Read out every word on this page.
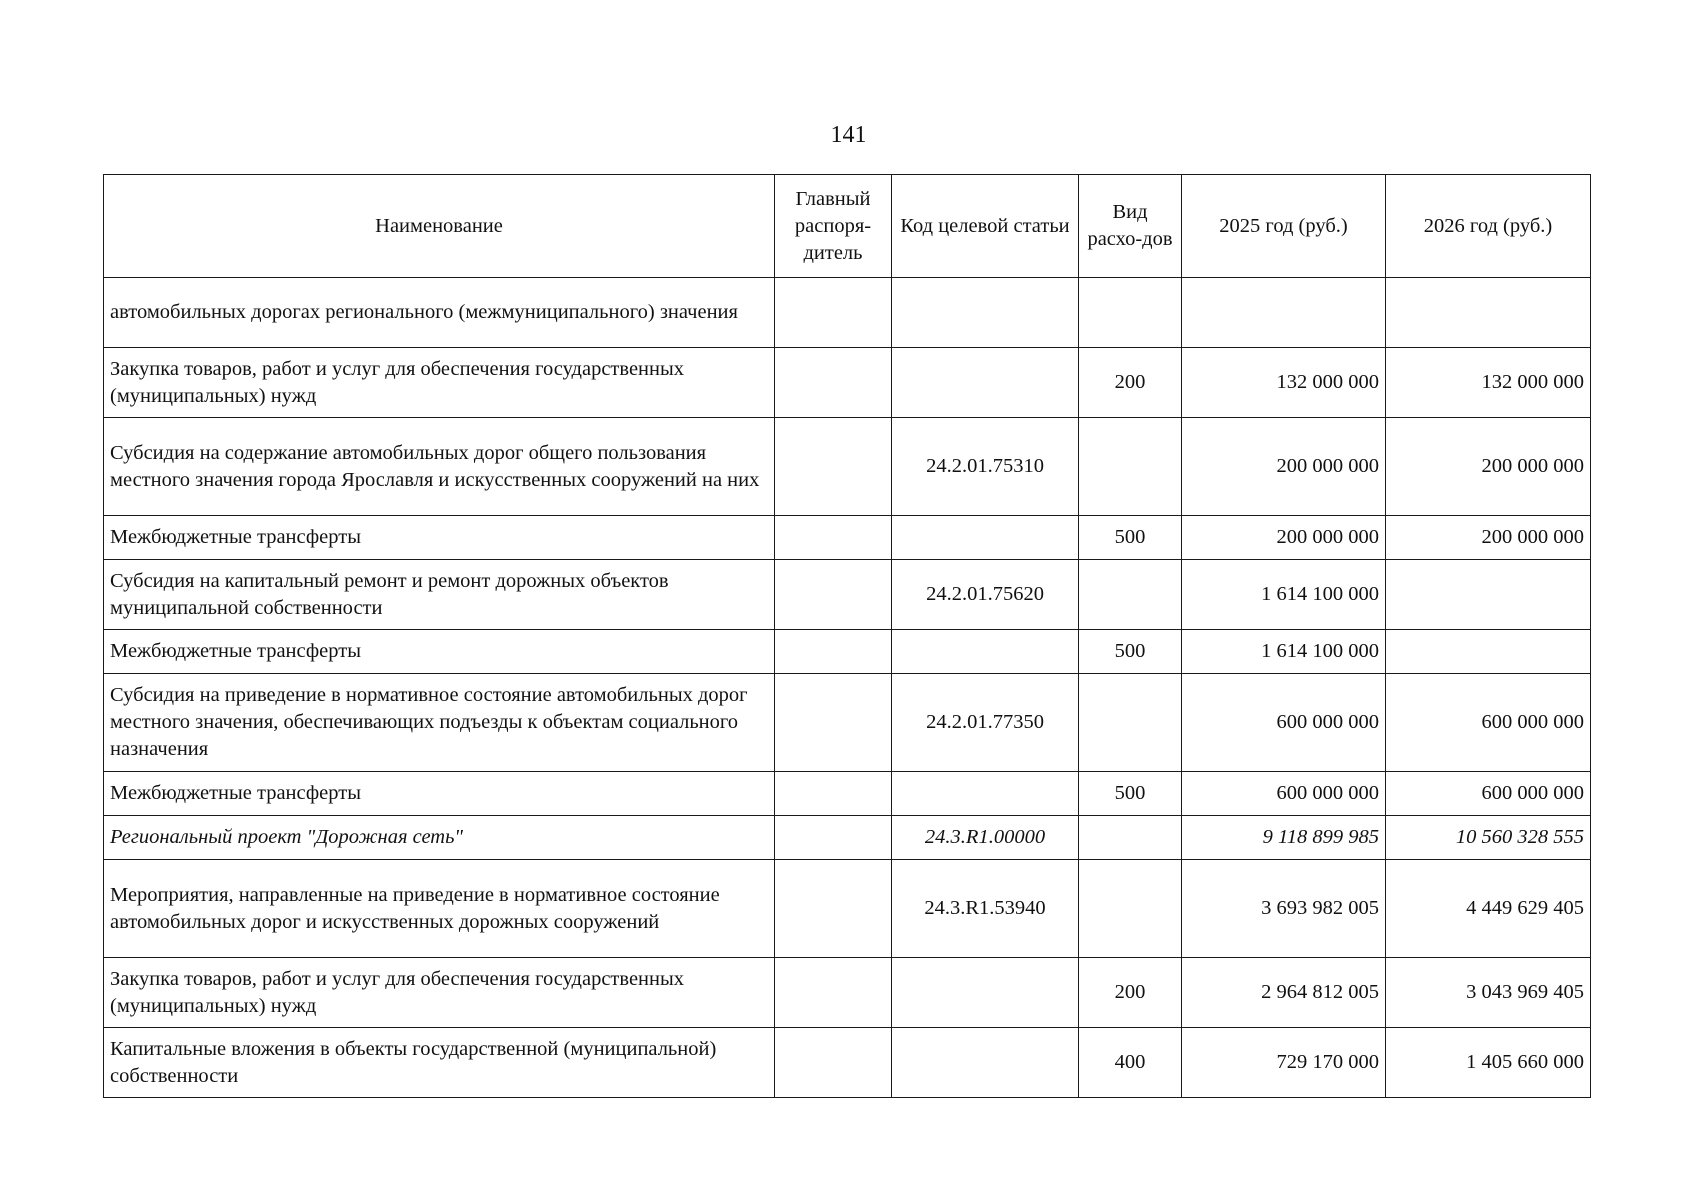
141
Наименование	Главный распоря-дитель	Код целевой статьи	Вид расхо-дов	2025 год (руб.)	2026 год (руб.)
автомобильных дорогах регионального (межмуниципального) значения					
Закупка товаров, работ и услуг для обеспечения государственных (муниципальных) нужд			200	132 000 000	132 000 000
Субсидия на содержание автомобильных дорог общего пользования местного значения города Ярославля и искусственных сооружений на них		24.2.01.75310		200 000 000	200 000 000
Межбюджетные трансферты			500	200 000 000	200 000 000
Субсидия на капитальный ремонт и ремонт дорожных объектов муниципальной собственности		24.2.01.75620		1 614 100 000	
Межбюджетные трансферты			500	1 614 100 000	
Субсидия на приведение в нормативное состояние автомобильных дорог местного значения, обеспечивающих подъезды к объектам социального назначения		24.2.01.77350		600 000 000	600 000 000
Межбюджетные трансферты			500	600 000 000	600 000 000
Региональный проект "Дорожная сеть"		24.3.R1.00000		9 118 899 985	10 560 328 555
Мероприятия, направленные на приведение в нормативное состояние автомобильных дорог и искусственных дорожных сооружений		24.3.R1.53940		3 693 982 005	4 449 629 405
Закупка товаров, работ и услуг для обеспечения государственных (муниципальных) нужд			200	2 964 812 005	3 043 969 405
Капитальные вложения в объекты государственной (муниципальной) собственности			400	729 170 000	1 405 660 000
